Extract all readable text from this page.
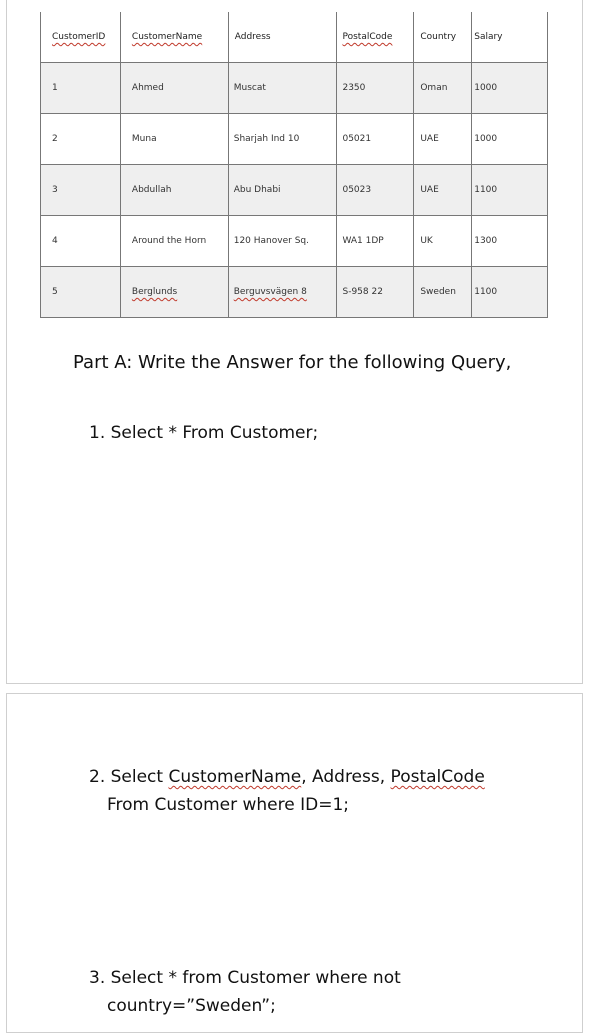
CustomerID	CustomerName	Address	PostalCode	Country	Salary
1	Ahmed	Muscat	2350	Oman	1000
2	Muna	Sharjah Ind 10	05021	UAE	1000
3	Abdullah	Abu Dhabi	05023	UAE	1100
4	Around the Horn	120 Hanover Sq.	WA1 1DP	UK	1300
5	Berglunds	Berguvsvägen 8	S-958 22	Sweden	1100
Part A: Write the Answer for the following Query,
1. Select * From Customer;
2. Select CustomerName, Address, PostalCode
From Customer where ID=1;
3. Select * from Customer where not
country=”Sweden”;
